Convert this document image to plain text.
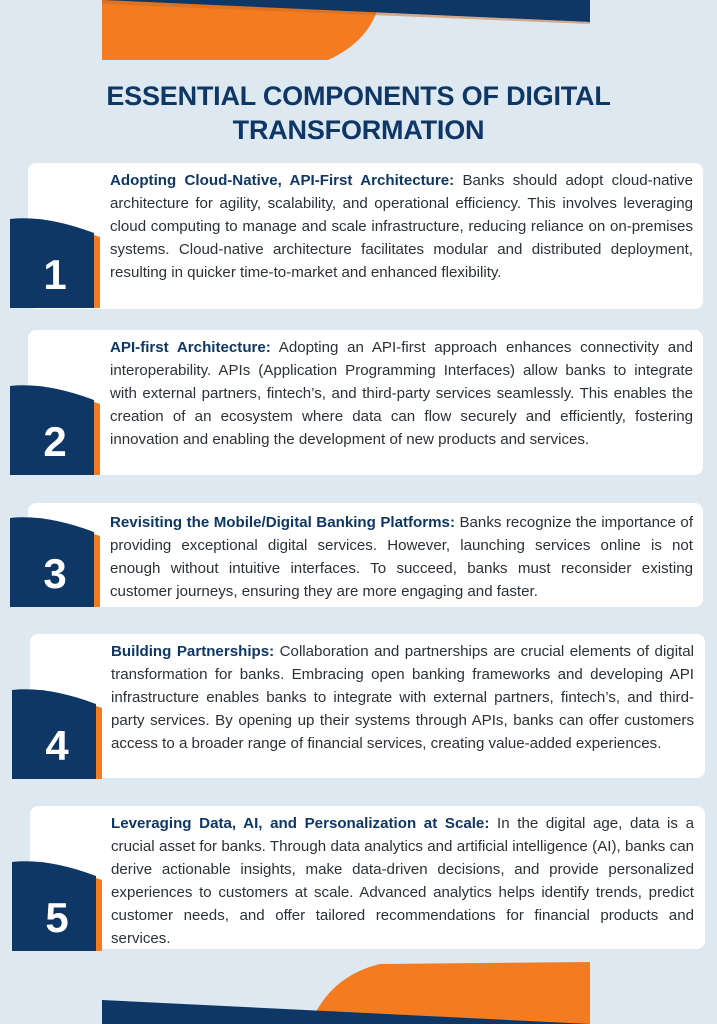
ESSENTIAL COMPONENTS OF DIGITAL
TRANSFORMATION
1

Adopting Cloud-Native, API-First Architecture: Banks should adopt cloud-native architecture for agility, scalability, and operational efficiency. This involves leveraging cloud computing to manage and scale infrastructure, reducing reliance on on-premises systems. Cloud-native architecture facilitates modular and distributed deployment, resulting in quicker time-to-market and enhanced flexibility.

2

API-first Architecture: Adopting an API-first approach enhances connectivity and interoperability. APIs (Application Programming Interfaces) allow banks to integrate with external partners, fintech’s, and third-party services seamlessly. This enables the creation of an ecosystem where data can flow securely and efficiently, fostering innovation and enabling the development of new products and services.

3

Revisiting the Mobile/Digital Banking Platforms: Banks recognize the importance of providing exceptional digital services. However, launching services online is not enough without intuitive interfaces. To succeed, banks must reconsider existing customer journeys, ensuring they are more engaging and faster.

4

Building Partnerships: Collaboration and partnerships are crucial elements of digital transformation for banks. Embracing open banking frameworks and developing API infrastructure enables banks to integrate with external partners, fintech’s, and third-party services. By opening up their systems through APIs, banks can offer customers access to a broader range of financial services, creating value-added experiences.

5

Leveraging Data, AI, and Personalization at Scale: In the digital age, data is a crucial asset for banks. Through data analytics and artificial intelligence (AI), banks can derive actionable insights, make data-driven decisions, and provide personalized experiences to customers at scale. Advanced analytics helps identify trends, predict customer needs, and offer tailored recommendations for financial products and services.
